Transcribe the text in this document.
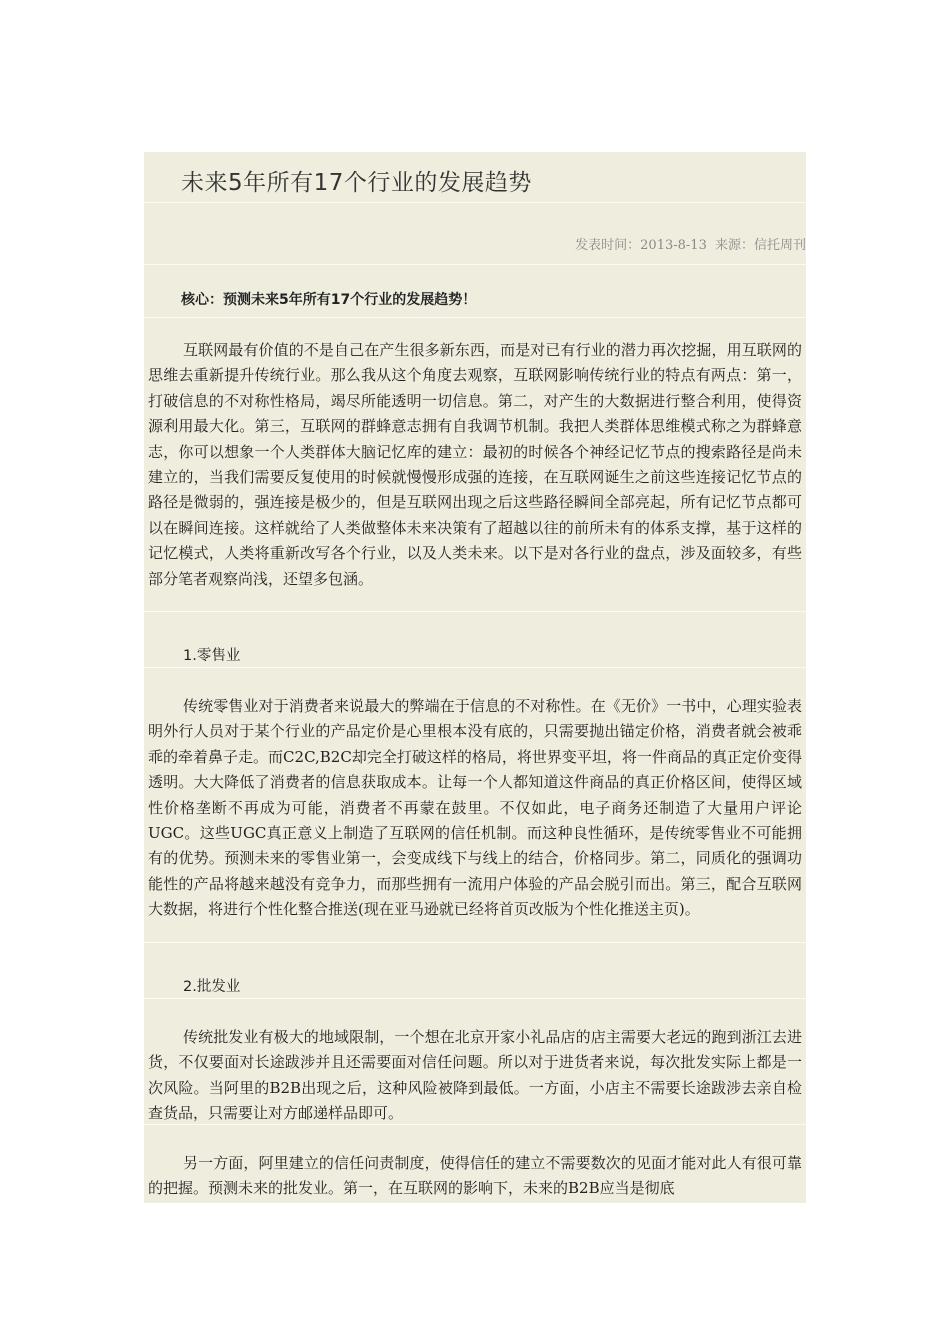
未来5年所有17个行业的发展趋势
发表时间：2013-8-13 来源：信托周刊
核心：预测未来5年所有17个行业的发展趋势！

互联网最有价值的不是自己在产生很多新东西，而是对已有行业的潜力再次挖掘，用互联网的思维去重新提升传统行业。那么我从这个角度去观察，互联网影响传统行业的特点有两点：第一，打破信息的不对称性格局，竭尽所能透明一切信息。第二，对产生的大数据进行整合利用，使得资源利用最大化。第三，互联网的群蜂意志拥有自我调节机制。我把人类群体思维模式称之为群蜂意志，你可以想象一个人类群体大脑记忆库的建立：最初的时候各个神经记忆节点的搜索路径是尚未建立的，当我们需要反复使用的时候就慢慢形成强的连接，在互联网诞生之前这些连接记忆节点的路径是微弱的，强连接是极少的，但是互联网出现之后这些路径瞬间全部亮起，所有记忆节点都可以在瞬间连接。这样就给了人类做整体未来决策有了超越以往的前所未有的体系支撑，基于这样的记忆模式，人类将重新改写各个行业，以及人类未来。以下是对各行业的盘点，涉及面较多，有些部分笔者观察尚浅，还望多包涵。

1.零售业

传统零售业对于消费者来说最大的弊端在于信息的不对称性。在《无价》一书中，心理实验表明外行人员对于某个行业的产品定价是心里根本没有底的，只需要抛出锚定价格，消费者就会被乖乖的牵着鼻子走。而C2C,B2C却完全打破这样的格局，将世界变平坦，将一件商品的真正定价变得透明。大大降低了消费者的信息获取成本。让每一个人都知道这件商品的真正价格区间，使得区域性价格垄断不再成为可能，消费者不再蒙在鼓里。不仅如此，电子商务还制造了大量用户评论UGC。这些UGC真正意义上制造了互联网的信任机制。而这种良性循环，是传统零售业不可能拥有的优势。预测未来的零售业第一，会变成线下与线上的结合，价格同步。第二，同质化的强调功能性的产品将越来越没有竞争力，而那些拥有一流用户体验的产品会脱引而出。第三，配合互联网大数据，将进行个性化整合推送(现在亚马逊就已经将首页改版为个性化推送主页)。

2.批发业

传统批发业有极大的地域限制，一个想在北京开家小礼品店的店主需要大老远的跑到浙江去进货，不仅要面对长途跋涉并且还需要面对信任问题。所以对于进货者来说，每次批发实际上都是一次风险。当阿里的B2B出现之后，这种风险被降到最低。一方面，小店主不需要长途跋涉去亲自检查货品，只需要让对方邮递样品即可。

另一方面，阿里建立的信任问责制度，使得信任的建立不需要数次的见面才能对此人有很可靠的把握。预测未来的批发业。第一，在互联网的影响下，未来的B2B应当是彻底
